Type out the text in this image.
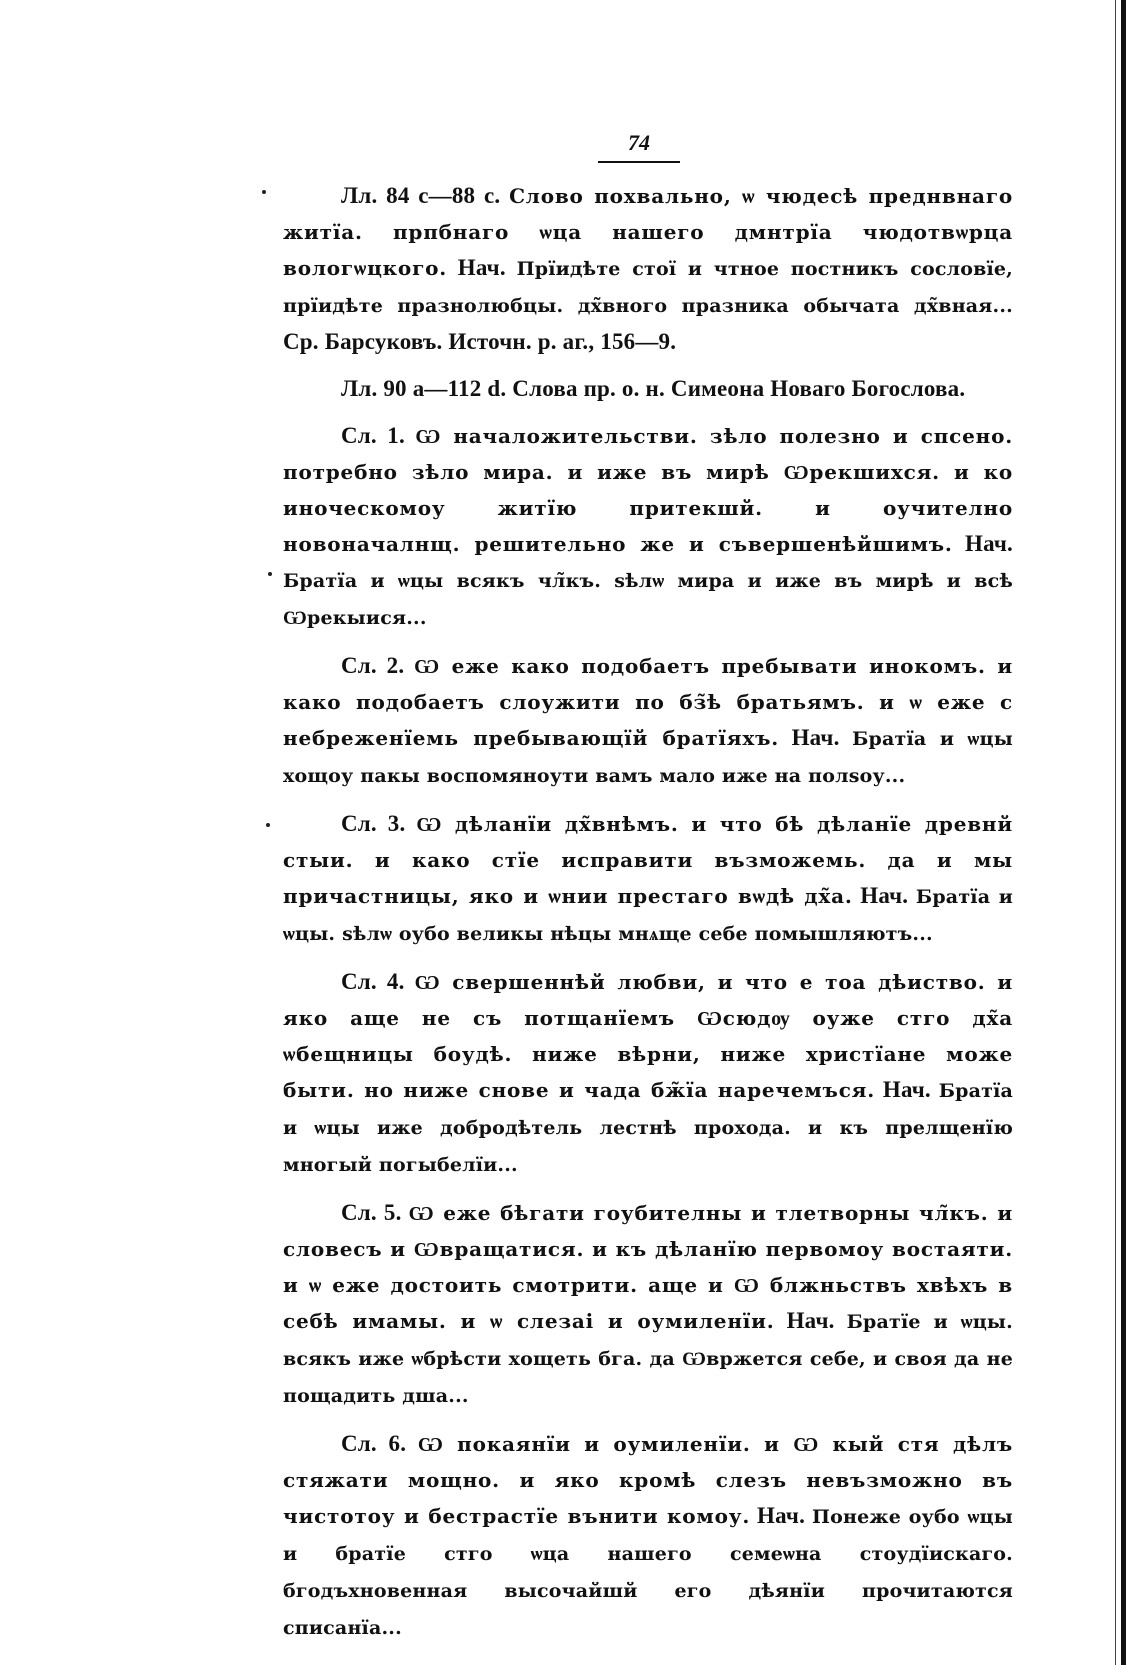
74

Лл. 84 c—88 c. Слово похвально, ѡ чюдесѣ преднвнаго житїа. прпбнаго ѡца нашего дмнтрїа чюдотвѡрца вологѡцкого. Нач. Прїидѣте стої и чтное постникъ сословїе, прїидѣте празнолюбцы. дх̃вного празника обычата дх̃вная... Ср. Барсуковъ. Источн. р. аг., 156—9.

Лл. 90 а—112 d. Слова пр. о. н. Симеона Новаго Богослова.

Сл. 1. Ѡ началожительстви. зѣло полезно и спсено. потребно зѣло мира. и иже въ мирѣ Ѡрекшихся. и ко иноческомоу житїю притекшй. и оучително новоначалнщ. решительно же и съвершенѣйшимъ. Нач. Братїа и ѡцы всякъ чл̃къ. ѕѣлѡ мира и иже въ мирѣ и всѣ Ѡрекыися...

Сл. 2. Ѡ еже како подобаетъ пребывати инокомъ. и како подобаетъ слоужити по бз̃ѣ братьямъ. и ѡ еже с небреженїемь пребывающїй братїяхъ. Нач. Братїа и ѡцы хощоу пакы воспомяноути вамъ мало иже на полѕоу...

Сл. 3. Ѡ дѣланїи дх̃внѣмъ. и что бѣ дѣланїе древнй стыи. и како стїе исправити възможемь. да и мы причастницы, яко и ѡнии престаго вѡдѣ дх̃а. Нач. Братїа и ѡцы. ѕѣлѡ оубо великы нѣцы мнѧще себе помышляютъ...

Сл. 4. Ѡ свершеннѣй любви, и что е тоа дѣиство. и яко аще не съ потщанїемъ Ѡсюдѹ оуже стго дх̃а ѡбещницы боудѣ. ниже вѣрни, ниже христїане може быти. но ниже снове и чада бж̃їа наречемъся. Нач. Братїа и ѡцы иже добродѣтель лестнѣ прохода. и къ прелщенїю многый погыбелїи...

Сл. 5. Ѡ еже бѣгати гоубителны и тлетворны чл̃къ. и словесъ и Ѡвращатися. и къ дѣланїю первомоу востаяти. и ѡ еже достоить смотрити. аще и Ѡ блжньствъ хвѣхъ в себѣ имамы. и ѡ слезаі и оумиленїи. Нач. Братїе и ѡцы. всякъ иже ѡбрѣсти хощеть бга. да Ѡвржется себе, и своя да не пощадить дша...

Сл. 6. Ѡ покаянїи и оумиленїи. и Ѡ кый стя дѣлъ стяжати мощно. и яко кромѣ слезъ невъзможно въ чистотоу и бестрастїе вънити комоу. Нач. Понеже оубо ѡцы и братїе стго ѡца нашего семеѡна стоудїискаго. бгодъхновенная высочайшй его дѣянїи прочитаются списанїа...
